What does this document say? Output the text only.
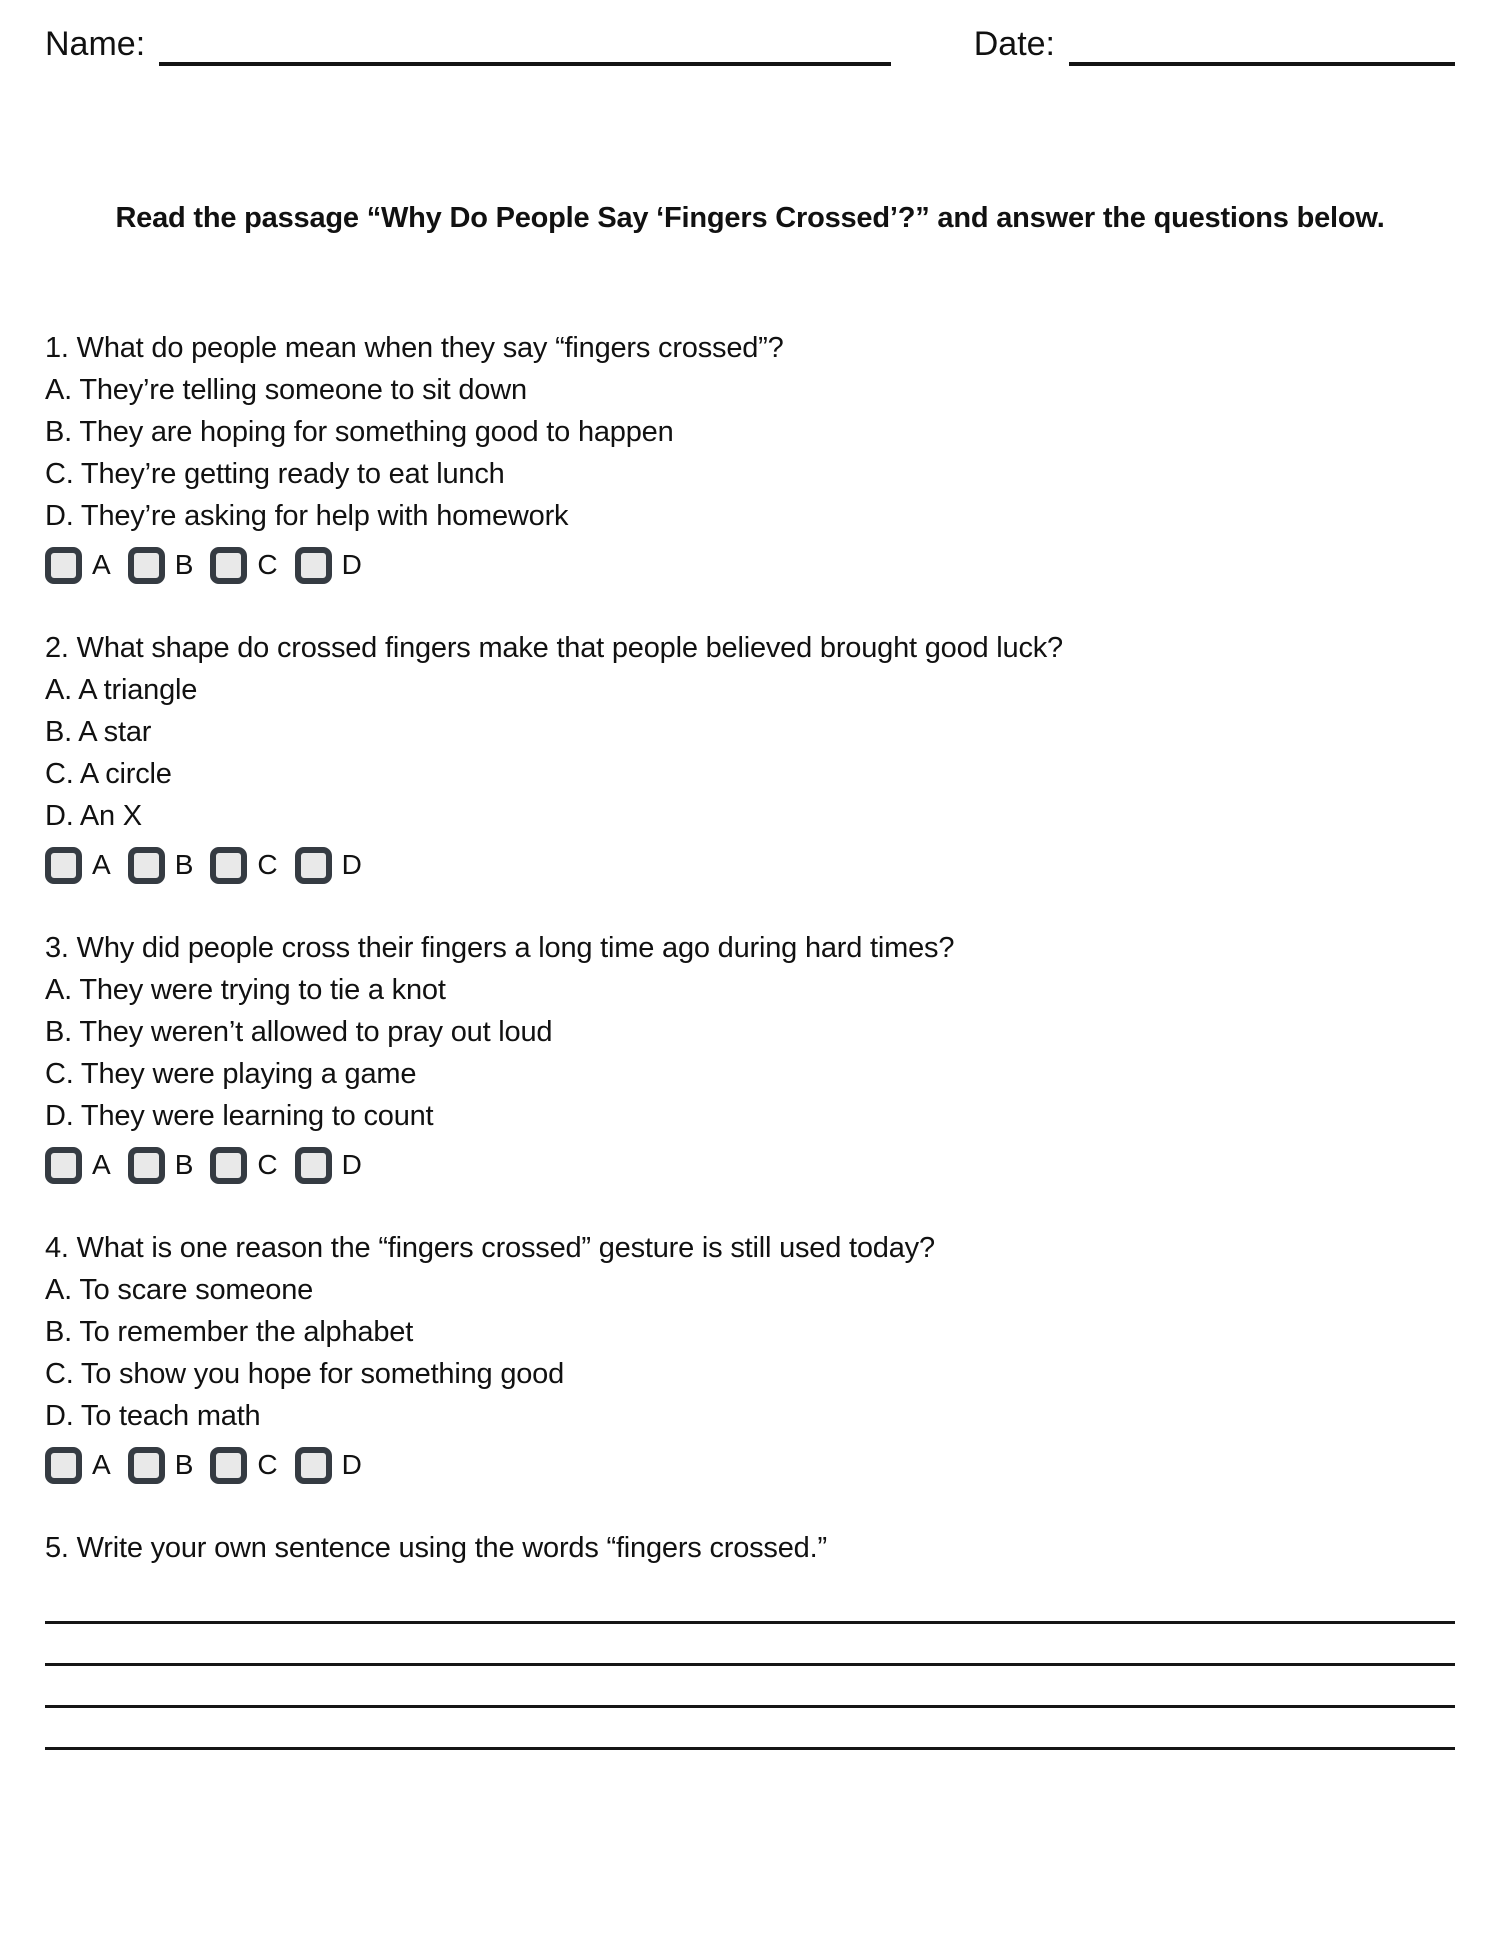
Name:	Date:
Read the passage “Why Do People Say ‘Fingers Crossed’?” and answer the questions below.
1. What do people mean when they say “fingers crossed”?
A. They’re telling someone to sit down
B. They are hoping for something good to happen
C. They’re getting ready to eat lunch
D. They’re asking for help with homework
A B C D
2. What shape do crossed fingers make that people believed brought good luck?
A. A triangle
B. A star
C. A circle
D. An X
A B C D
3. Why did people cross their fingers a long time ago during hard times?
A. They were trying to tie a knot
B. They weren’t allowed to pray out loud
C. They were playing a game
D. They were learning to count
A B C D
4. What is one reason the “fingers crossed” gesture is still used today?
A. To scare someone
B. To remember the alphabet
C. To show you hope for something good
D. To teach math
A B C D
5. Write your own sentence using the words “fingers crossed.”
